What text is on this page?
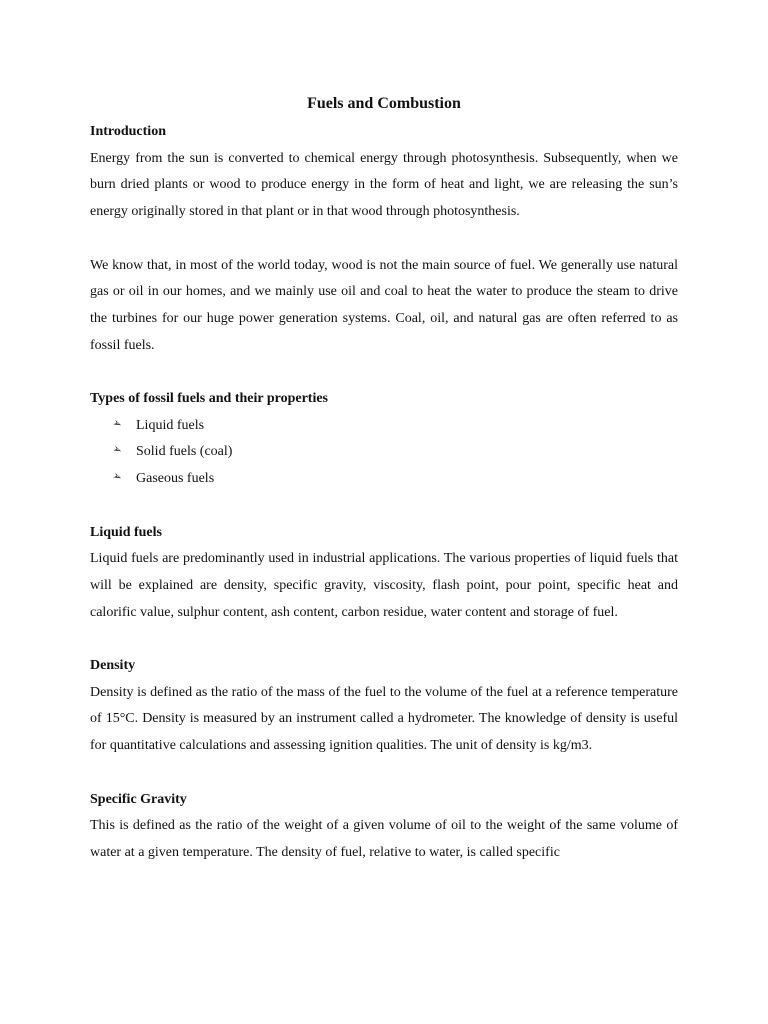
Fuels and Combustion
Introduction

Energy from the sun is converted to chemical energy through photosynthesis. Subsequently, when we burn dried plants or wood to produce energy in the form of heat and light, we are releasing the sun’s energy originally stored in that plant or in that wood through photosynthesis.

We know that, in most of the world today, wood is not the main source of fuel. We generally use natural gas or oil in our homes, and we mainly use oil and coal to heat the water to produce the steam to drive the turbines for our huge power generation systems. Coal, oil, and natural gas are often referred to as fossil fuels.

Types of fossil fuels and their properties
➢ Liquid fuels
➢ Solid fuels (coal)
➢ Gaseous fuels
Liquid fuels

Liquid fuels are predominantly used in industrial applications. The various properties of liquid fuels that will be explained are density, specific gravity, viscosity, flash point, pour point, specific heat and calorific value, sulphur content, ash content, carbon residue, water content and storage of fuel.

Density

Density is defined as the ratio of the mass of the fuel to the volume of the fuel at a reference temperature of 15°C. Density is measured by an instrument called a hydrometer. The knowledge of density is useful for quantitative calculations and assessing ignition qualities. The unit of density is kg/m3.

Specific Gravity

This is defined as the ratio of the weight of a given volume of oil to the weight of the same volume of water at a given temperature. The density of fuel, relative to water, is called specific
